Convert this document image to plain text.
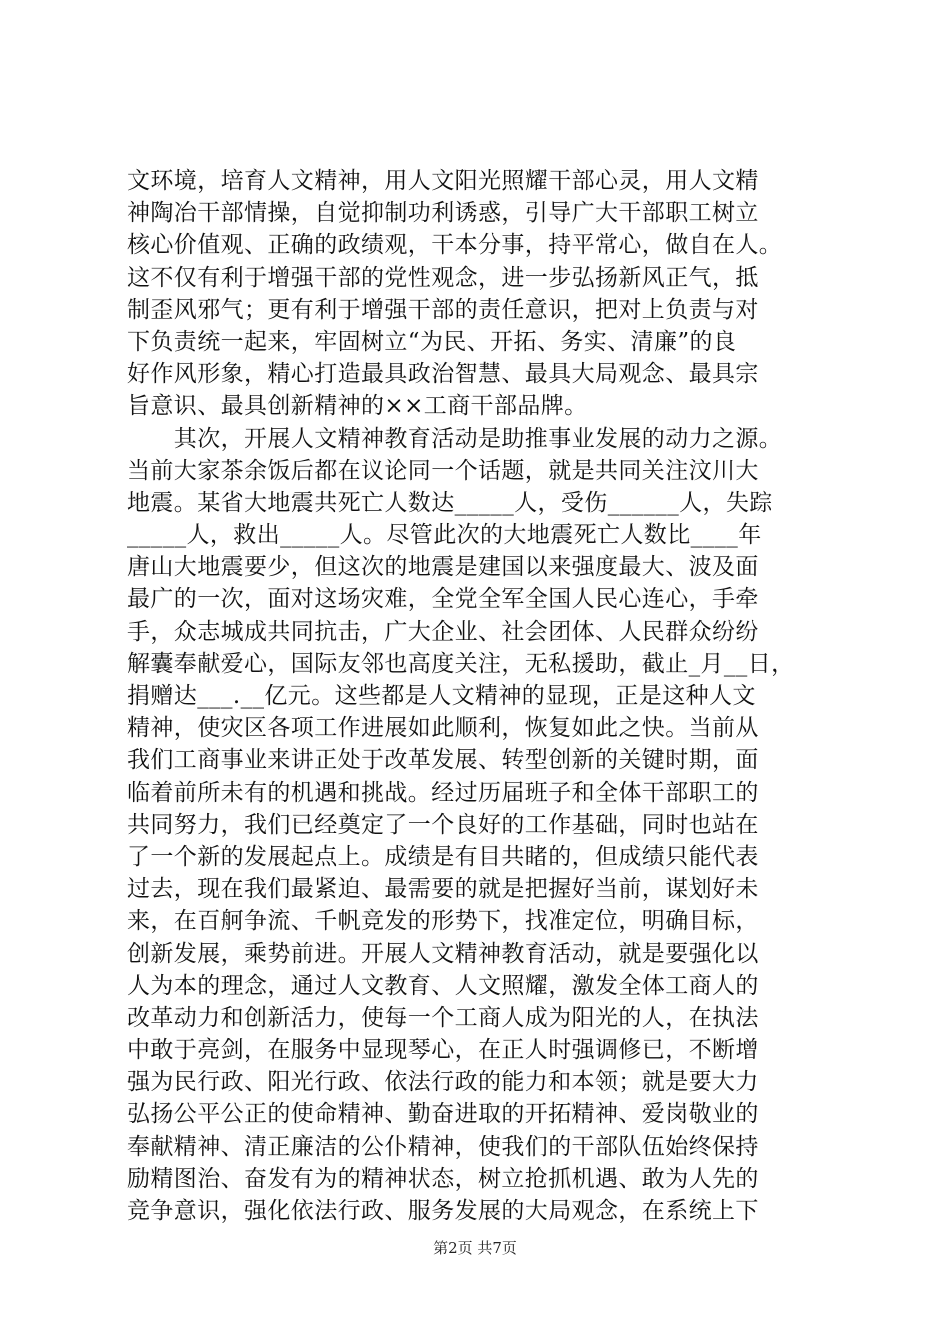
文环境，培育人文精神，用人文阳光照耀干部心灵，用人文精
神陶冶干部情操，自觉抑制功利诱惑，引导广大干部职工树立
核心价值观、正确的政绩观，干本分事，持平常心，做自在人。
这不仅有利于增强干部的党性观念，进一步弘扬新风正气，抵
制歪风邪气；更有利于增强干部的责任意识，把对上负责与对
下负责统一起来，牢固树立“为民、开拓、务实、清廉”的良
好作风形象，精心打造最具政治智慧、最具大局观念、最具宗
旨意识、最具创新精神的××工商干部品牌。
　　其次，开展人文精神教育活动是助推事业发展的动力之源。
当前大家茶余饭后都在议论同一个话题，就是共同关注汶川大
地震。某省大地震共死亡人数达_____人，受伤______人，失踪
_____人，救出_____人。尽管此次的大地震死亡人数比____年
唐山大地震要少，但这次的地震是建国以来强度最大、波及面
最广的一次，面对这场灾难，全党全军全国人民心连心，手牵
手，众志城成共同抗击，广大企业、社会团体、人民群众纷纷
解囊奉献爱心，国际友邻也高度关注，无私援助，截止_月__日，
捐赠达___.__亿元。这些都是人文精神的显现，正是这种人文
精神，使灾区各项工作进展如此顺利，恢复如此之快。当前从
我们工商事业来讲正处于改革发展、转型创新的关键时期，面
临着前所未有的机遇和挑战。经过历届班子和全体干部职工的
共同努力，我们已经奠定了一个良好的工作基础，同时也站在
了一个新的发展起点上。成绩是有目共睹的，但成绩只能代表
过去，现在我们最紧迫、最需要的就是把握好当前，谋划好未
来，在百舸争流、千帆竞发的形势下，找准定位，明确目标，
创新发展，乘势前进。开展人文精神教育活动，就是要强化以
人为本的理念，通过人文教育、人文照耀，激发全体工商人的
改革动力和创新活力，使每一个工商人成为阳光的人，在执法
中敢于亮剑，在服务中显现琴心，在正人时强调修已，不断增
强为民行政、阳光行政、依法行政的能力和本领；就是要大力
弘扬公平公正的使命精神、勤奋进取的开拓精神、爱岗敬业的
奉献精神、清正廉洁的公仆精神，使我们的干部队伍始终保持
励精图治、奋发有为的精神状态，树立抢抓机遇、敢为人先的
竞争意识，强化依法行政、服务发展的大局观念，在系统上下
第2页 共7页
